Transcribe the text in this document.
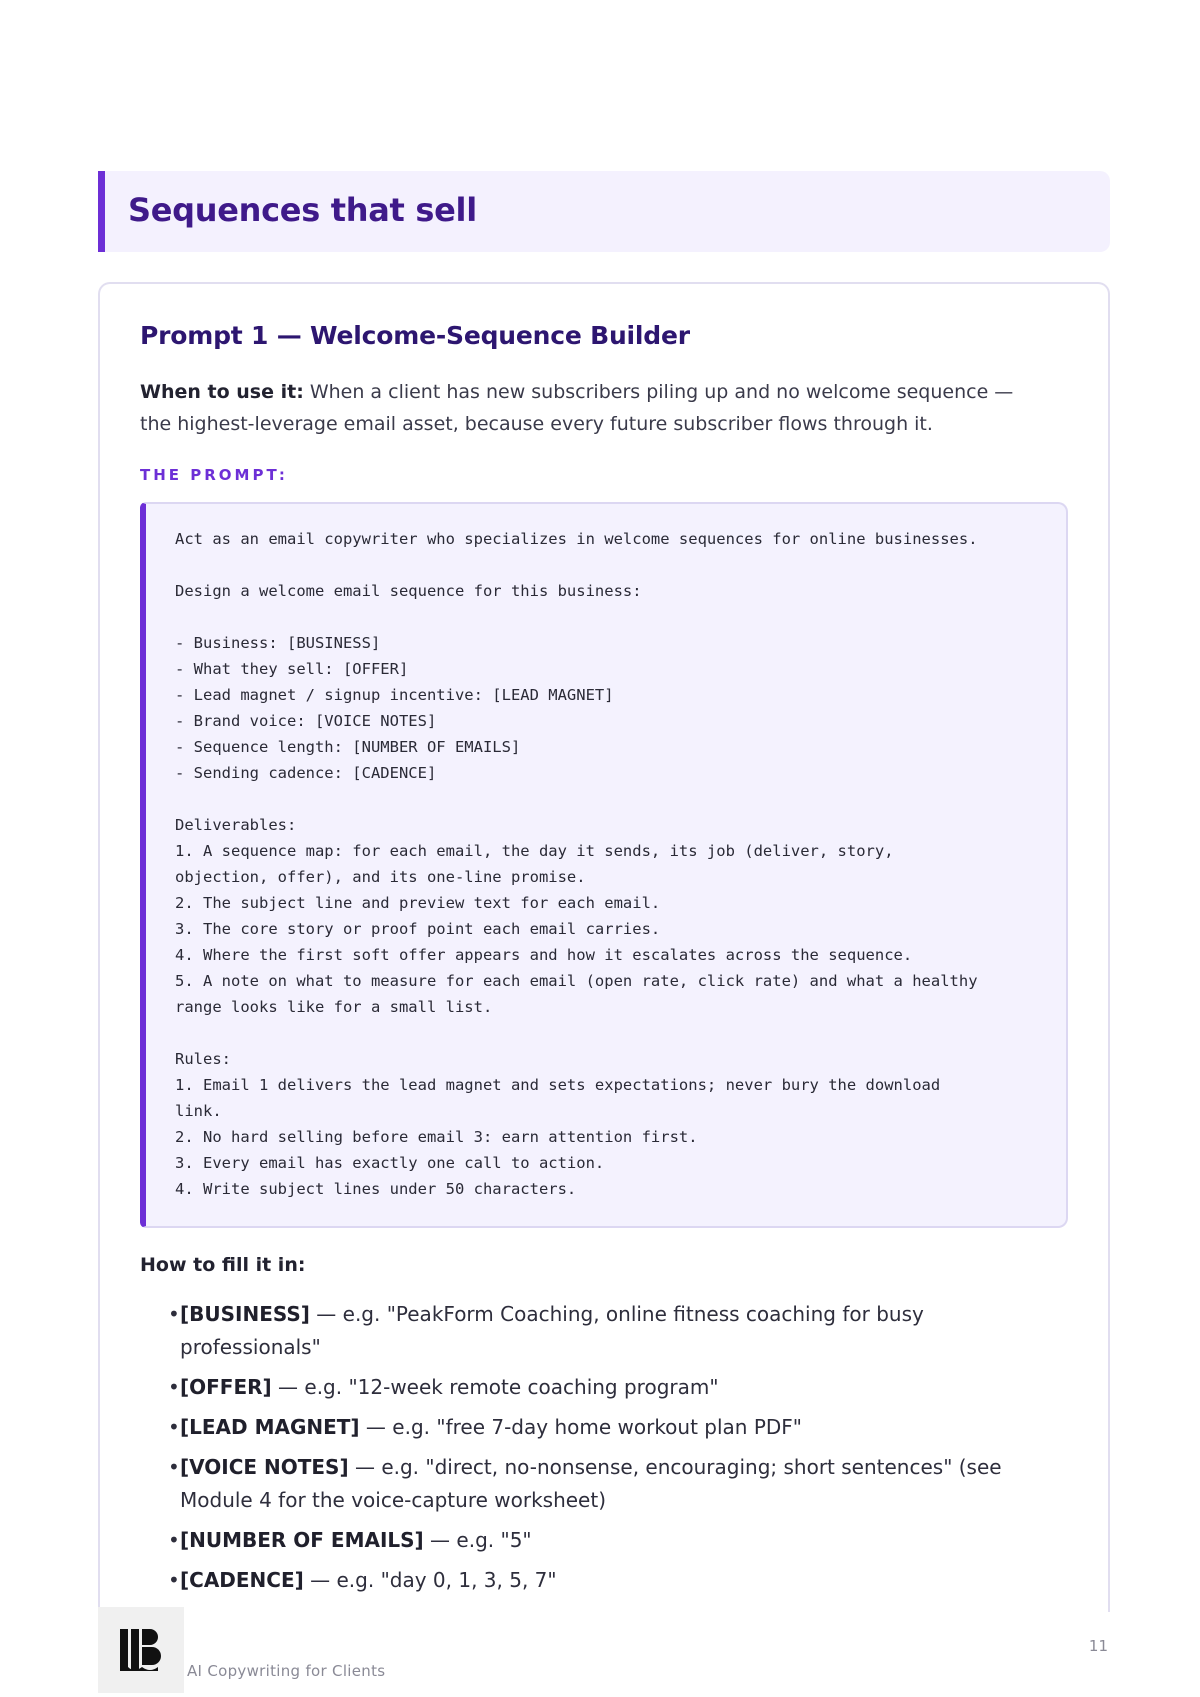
Sequences that sell
Prompt 1 — Welcome-Sequence Builder

When to use it: When a client has new subscribers piling up and no welcome sequence — the highest-leverage email asset, because every future subscriber flows through it.

THE PROMPT:
Act as an email copywriter who specializes in welcome sequences for online businesses.

Design a welcome email sequence for this business:

- Business: [BUSINESS]
- What they sell: [OFFER]
- Lead magnet / signup incentive: [LEAD MAGNET]
- Brand voice: [VOICE NOTES]
- Sequence length: [NUMBER OF EMAILS]
- Sending cadence: [CADENCE]

Deliverables:
1. A sequence map: for each email, the day it sends, its job (deliver, story,
objection, offer), and its one-line promise.
2. The subject line and preview text for each email.
3. The core story or proof point each email carries.
4. Where the first soft offer appears and how it escalates across the sequence.
5. A note on what to measure for each email (open rate, click rate) and what a healthy
range looks like for a small list.

Rules:
1. Email 1 delivers the lead magnet and sets expectations; never bury the download
link.
2. No hard selling before email 3: earn attention first.
3. Every email has exactly one call to action.
4. Write subject lines under 50 characters.
How to fill it in:
• [BUSINESS] — e.g. "PeakForm Coaching, online fitness coaching for busy professionals"
• [OFFER] — e.g. "12-week remote coaching program"
• [LEAD MAGNET] — e.g. "free 7-day home workout plan PDF"
• [VOICE NOTES] — e.g. "direct, no-nonsense, encouraging; short sentences" (see Module 4 for the voice-capture worksheet)
• [NUMBER OF EMAILS] — e.g. "5"
• [CADENCE] — e.g. "day 0, 1, 3, 5, 7"
AI Copywriting for Clients
11
